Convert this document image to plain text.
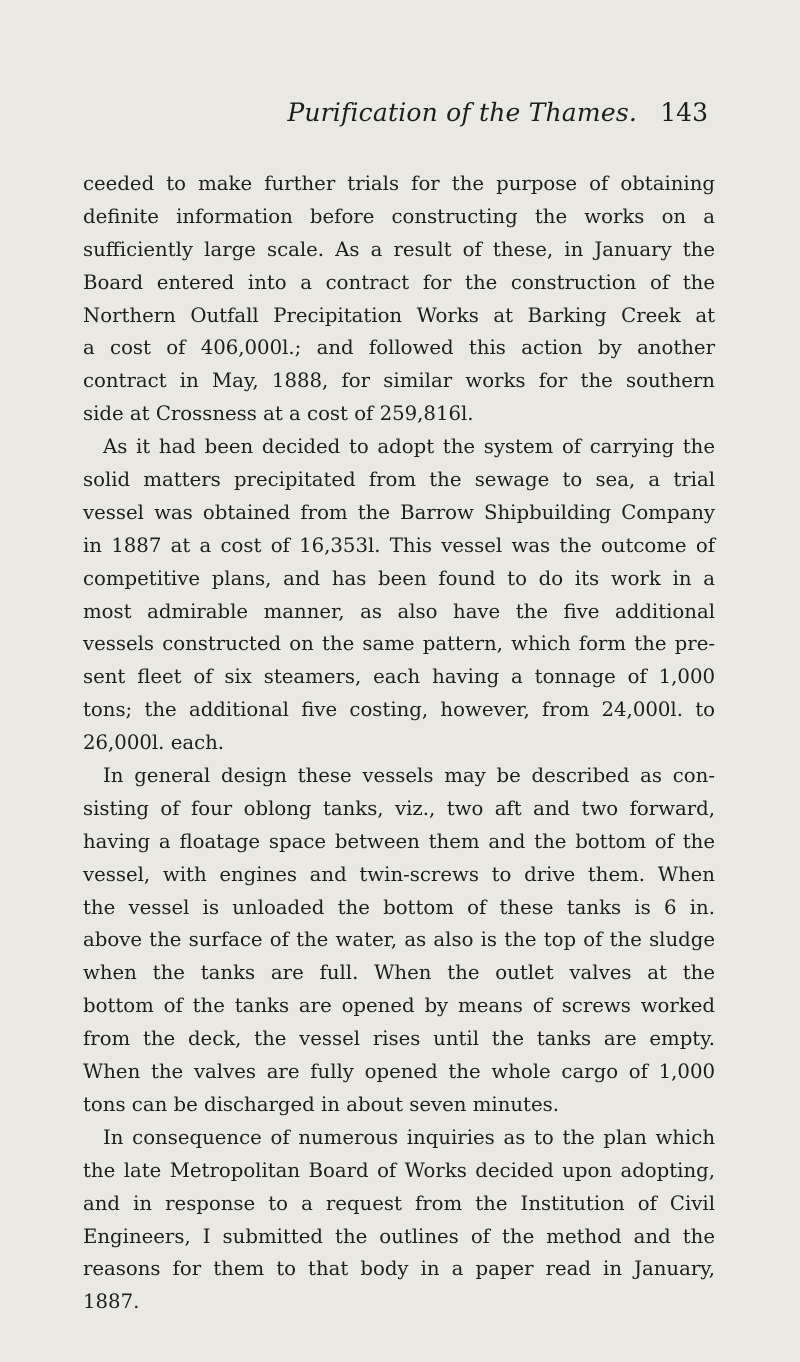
Purification of the Thames. 143
ceeded to make further trials for the purpose of obtaining
definite information before constructing the works on a
sufficiently large scale. As a result of these, in January the
Board entered into a contract for the construction of the
Northern Outfall Precipitation Works at Barking Creek at
a cost of 406,000l.; and followed this action by another
contract in May, 1888, for similar works for the southern
side at Crossness at a cost of 259,816l.
As it had been decided to adopt the system of carrying the
solid matters precipitated from the sewage to sea, a trial
vessel was obtained from the Barrow Shipbuilding Company
in 1887 at a cost of 16,353l. This vessel was the outcome of
competitive plans, and has been found to do its work in a
most admirable manner, as also have the five additional
vessels constructed on the same pattern, which form the pre-
sent fleet of six steamers, each having a tonnage of 1,000
tons; the additional five costing, however, from 24,000l. to
26,000l. each.
In general design these vessels may be described as con-
sisting of four oblong tanks, viz., two aft and two forward,
having a floatage space between them and the bottom of the
vessel, with engines and twin-screws to drive them. When
the vessel is unloaded the bottom of these tanks is 6 in.
above the surface of the water, as also is the top of the sludge
when the tanks are full. When the outlet valves at the
bottom of the tanks are opened by means of screws worked
from the deck, the vessel rises until the tanks are empty.
When the valves are fully opened the whole cargo of 1,000
tons can be discharged in about seven minutes.
In consequence of numerous inquiries as to the plan which
the late Metropolitan Board of Works decided upon adopting,
and in response to a request from the Institution of Civil
Engineers, I submitted the outlines of the method and the
reasons for them to that body in a paper read in January,
1887.
